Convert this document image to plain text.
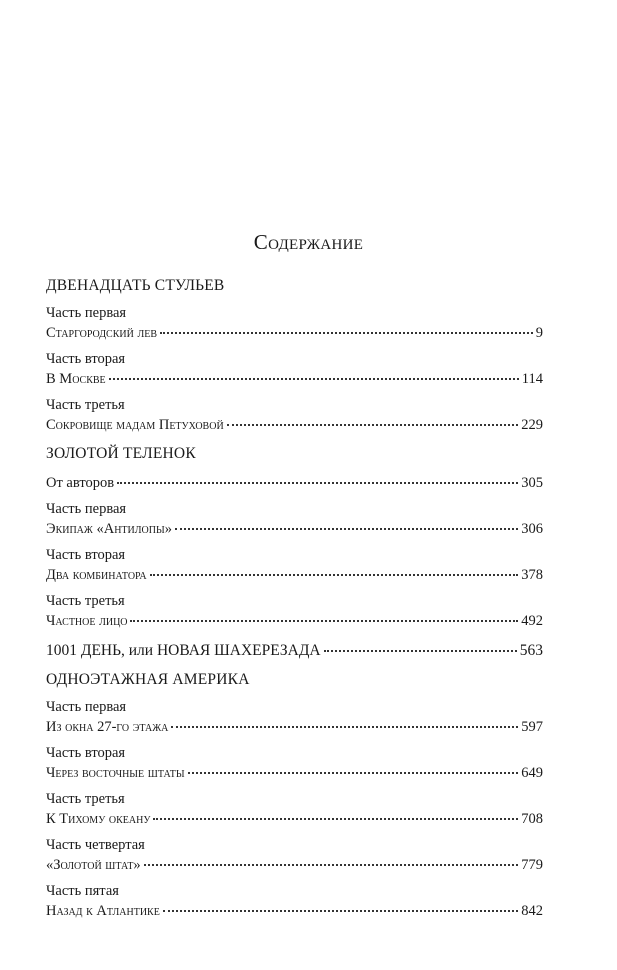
Содержание
ДВЕНАДЦАТЬ СТУЛЬЕВ
Часть первая
Старгородский лев	9
Часть вторая
В Москве	114
Часть третья
Сокровище мадам Петуховой	229
ЗОЛОТОЙ ТЕЛЕНОК
От авторов	305
Часть первая
Экипаж «Антилопы»	306
Часть вторая
Два комбинатора	378
Часть третья
Частное лицо	492
1001 ДЕНЬ, или НОВАЯ ШАХЕРЕЗАДА	563
ОДНОЭТАЖНАЯ АМЕРИКА
Часть первая
Из окна 27-го этажа	597
Часть вторая
Через восточные штаты	649
Часть третья
К Тихому океану	708
Часть четвертая
«Золотой штат»	779
Часть пятая
Назад к Атлантике	842
